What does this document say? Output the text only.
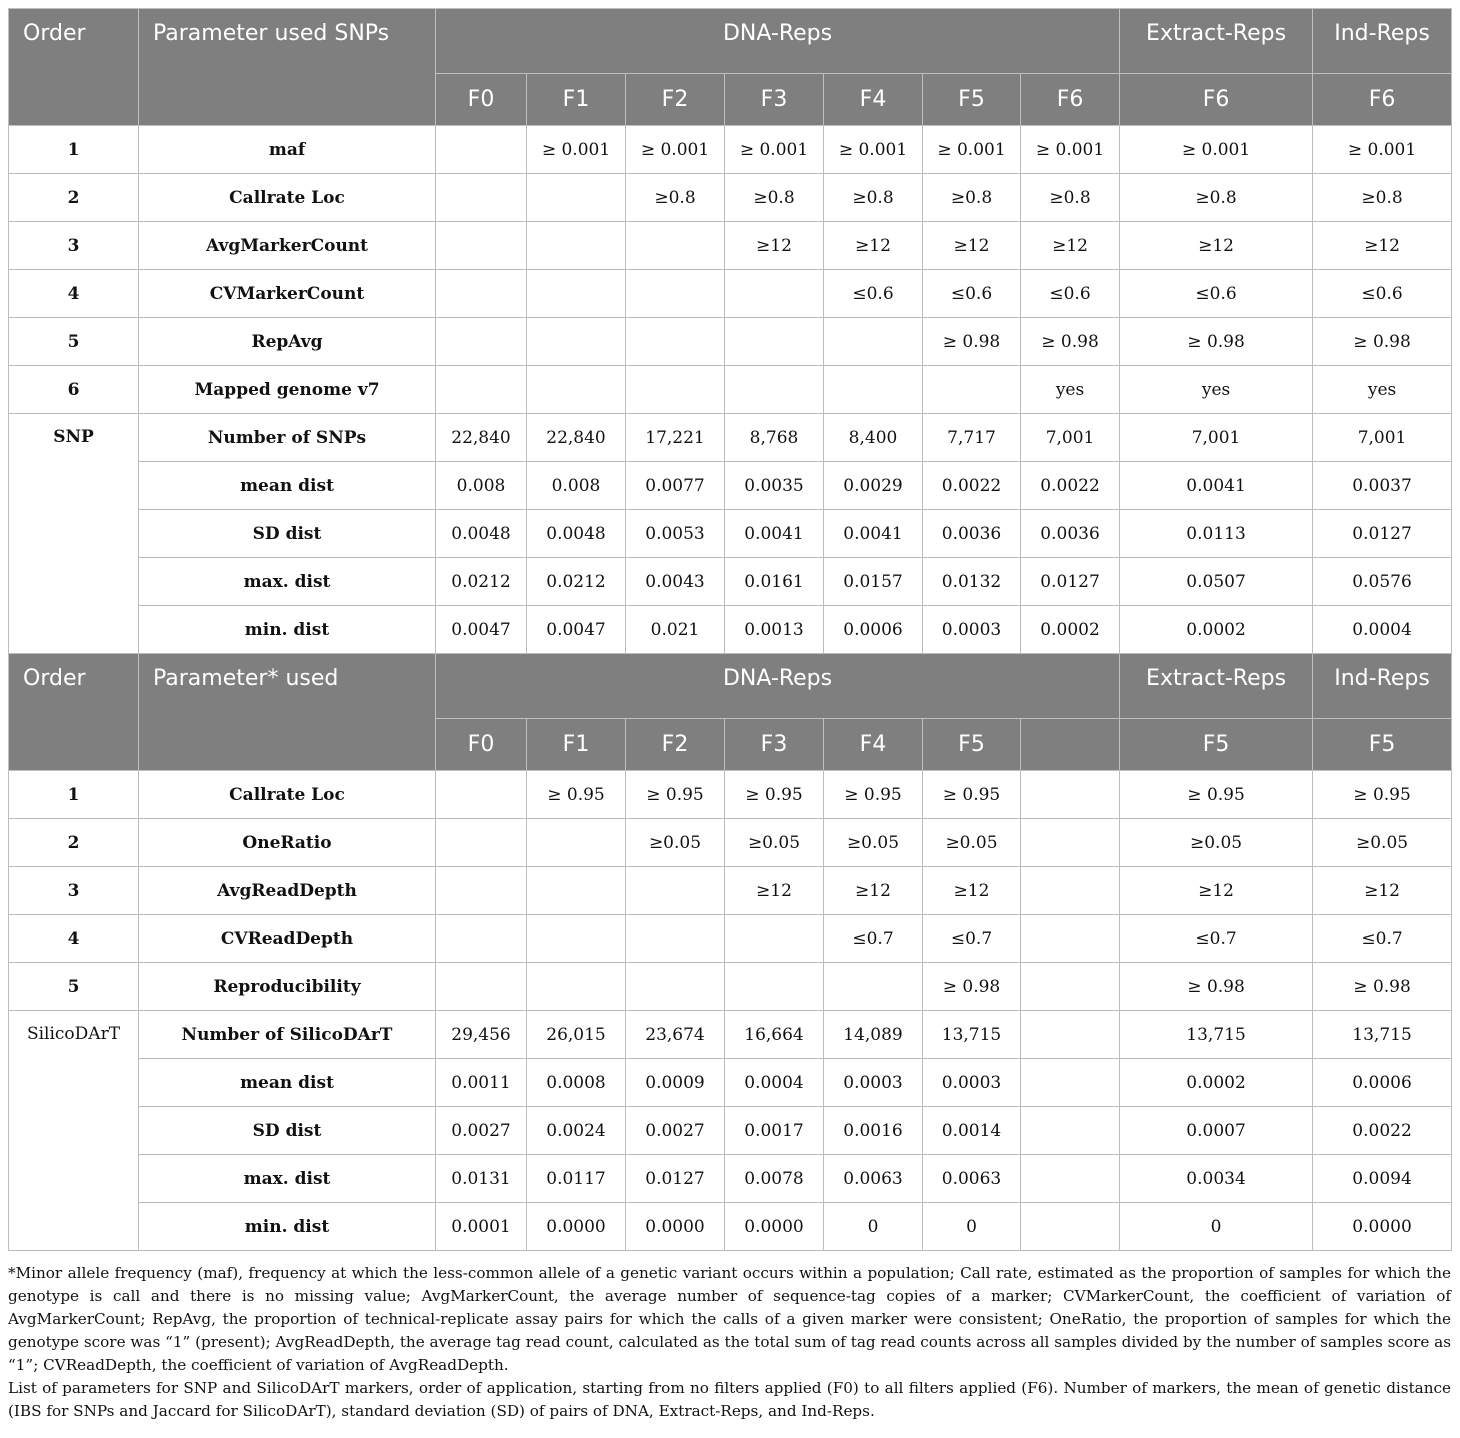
Order	Parameter used SNPs	DNA-Reps							Extract-Reps	Ind-Reps
		F0	F1	F2	F3	F4	F5	F6	F6	F6
1	maf		≥ 0.001	≥ 0.001	≥ 0.001	≥ 0.001	≥ 0.001	≥ 0.001	≥ 0.001	≥ 0.001
2	Callrate Loc			≥0.8	≥0.8	≥0.8	≥0.8	≥0.8	≥0.8	≥0.8
3	AvgMarkerCount				≥12	≥12	≥12	≥12	≥12	≥12
4	CVMarkerCount					≤0.6	≤0.6	≤0.6	≤0.6	≤0.6
5	RepAvg						≥ 0.98	≥ 0.98	≥ 0.98	≥ 0.98
6	Mapped genome v7							yes	yes	yes
SNP	Number of SNPs	22,840	22,840	17,221	8,768	8,400	7,717	7,001	7,001	7,001
	mean dist	0.008	0.008	0.0077	0.0035	0.0029	0.0022	0.0022	0.0041	0.0037
	SD dist	0.0048	0.0048	0.0053	0.0041	0.0041	0.0036	0.0036	0.0113	0.0127
	max. dist	0.0212	0.0212	0.0043	0.0161	0.0157	0.0132	0.0127	0.0507	0.0576
	min. dist	0.0047	0.0047	0.021	0.0013	0.0006	0.0003	0.0002	0.0002	0.0004
Order	Parameter* used	DNA-Reps							Extract-Reps	Ind-Reps
		F0	F1	F2	F3	F4	F5		F5	F5
1	Callrate Loc		≥ 0.95	≥ 0.95	≥ 0.95	≥ 0.95	≥ 0.95		≥ 0.95	≥ 0.95
2	OneRatio			≥0.05	≥0.05	≥0.05	≥0.05		≥0.05	≥0.05
3	AvgReadDepth				≥12	≥12	≥12		≥12	≥12
4	CVReadDepth					≤0.7	≤0.7		≤0.7	≤0.7
5	Reproducibility						≥ 0.98		≥ 0.98	≥ 0.98
SilicoDArT	Number of SilicoDArT	29,456	26,015	23,674	16,664	14,089	13,715		13,715	13,715
	mean dist	0.0011	0.0008	0.0009	0.0004	0.0003	0.0003		0.0002	0.0006
	SD dist	0.0027	0.0024	0.0027	0.0017	0.0016	0.0014		0.0007	0.0022
	max. dist	0.0131	0.0117	0.0127	0.0078	0.0063	0.0063		0.0034	0.0094
	min. dist	0.0001	0.0000	0.0000	0.0000	0	0		0	0.0000

*Minor allele frequency (maf), frequency at which the less-common allele of a genetic variant occurs within a population; Call rate, estimated as the proportion of samples for which the genotype is call and there is no missing value; AvgMarkerCount, the average number of sequence-tag copies of a marker; CVMarkerCount, the coefficient of variation of AvgMarkerCount; RepAvg, the proportion of technical-replicate assay pairs for which the calls of a given marker were consistent; OneRatio, the proportion of samples for which the genotype score was “1” (present); AvgReadDepth, the average tag read count, calculated as the total sum of tag read counts across all samples divided by the number of samples score as “1”; CVReadDepth, the coefficient of variation of AvgReadDepth.

List of parameters for SNP and SilicoDArT markers, order of application, starting from no filters applied (F0) to all filters applied (F6). Number of markers, the mean of genetic distance (IBS for SNPs and Jaccard for SilicoDArT), standard deviation (SD) of pairs of DNA, Extract-Reps, and Ind-Reps.
